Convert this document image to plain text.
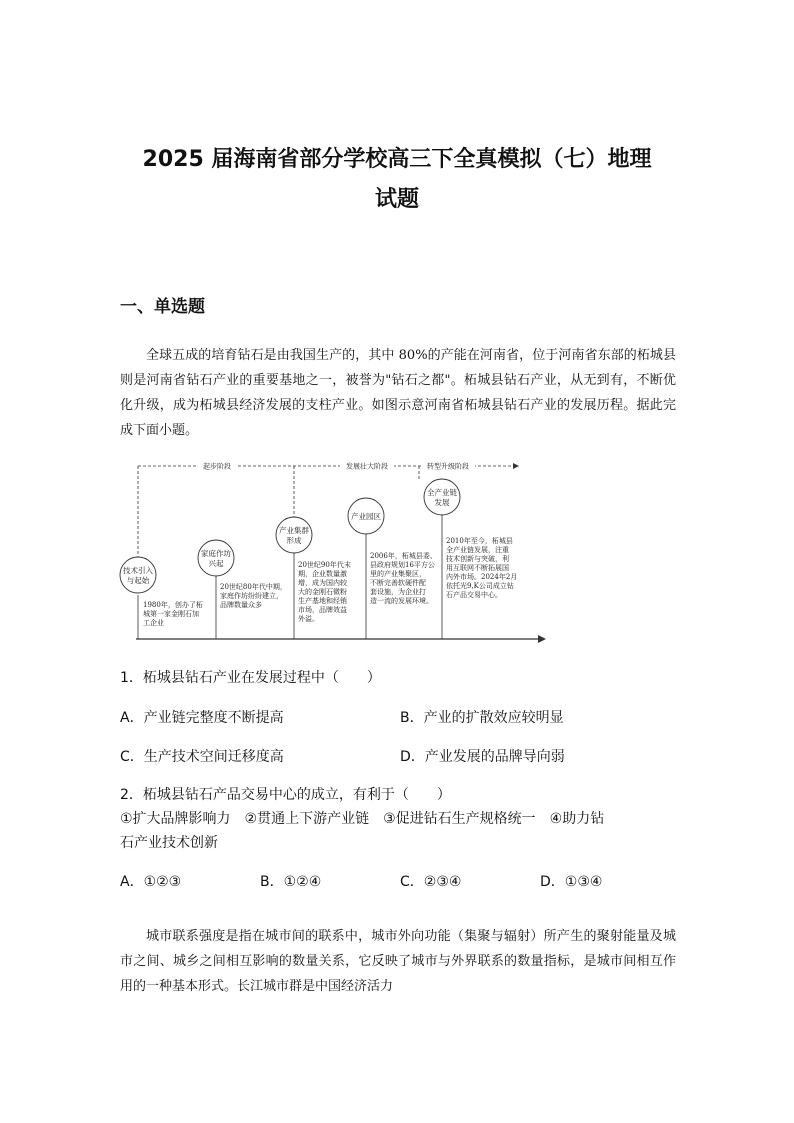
2025 届海南省部分学校高三下全真模拟（七）地理
试题
一、单选题

全球五成的培育钻石是由我国生产的，其中 80%的产能在河南省，位于河南省东部的柘城县则是河南省钻石产业的重要基地之一，被誉为"钻石之都"。柘城县钻石产业，从无到有，不断优化升级，成为柘城县经济发展的支柱产业。如图示意河南省柘城县钻石产业的发展历程。据此完成下面小题。

起步阶段	发展壮大阶段	转型升级阶段
技术引入
与起始
1980年，创办了柘
城第一家金刚石加
工企业
家庭作坊
兴起
20世纪80年代中期，
家庭作坊纷纷建立，
品牌数量众多
产业集群
形成
20世纪90年代末
期，企业数量激
增，成为国内较
大的金刚石微粉
生产基地和经销
市场，品牌效益
外溢。
产业园区
2006年，柘城县委、
县政府规划16平方公
里的产业集聚区，
不断完善软硬件配
套设施，为企业打
造一流的发展环境。
全产业链
发展
2010年至今，柘城县
全产业链发展，注重
技术创新与突破，利
用互联网不断拓展国
内外市场。2024年2月
依托光9,K公司成立钻
石产品交易中心。
1．柘城县钻石产业在发展过程中（　　）
A．产业链完整度不断提高	B．产业的扩散效应较明显
C．生产技术空间迁移度高	D．产业发展的品牌导向弱
2．柘城县钻石产品交易中心的成立，有利于（　　）
①扩大品牌影响力　②贯通上下游产业链　③促进钻石生产规格统一　④助力钻
石产业技术创新
A．①②③	B．①②④	C．②③④	D．①③④

城市联系强度是指在城市间的联系中，城市外向功能（集聚与辐射）所产生的聚射能量及城市之间、城乡之间相互影响的数量关系，它反映了城市与外界联系的数量指标，是城市间相互作用的一种基本形式。长江城市群是中国经济活力
